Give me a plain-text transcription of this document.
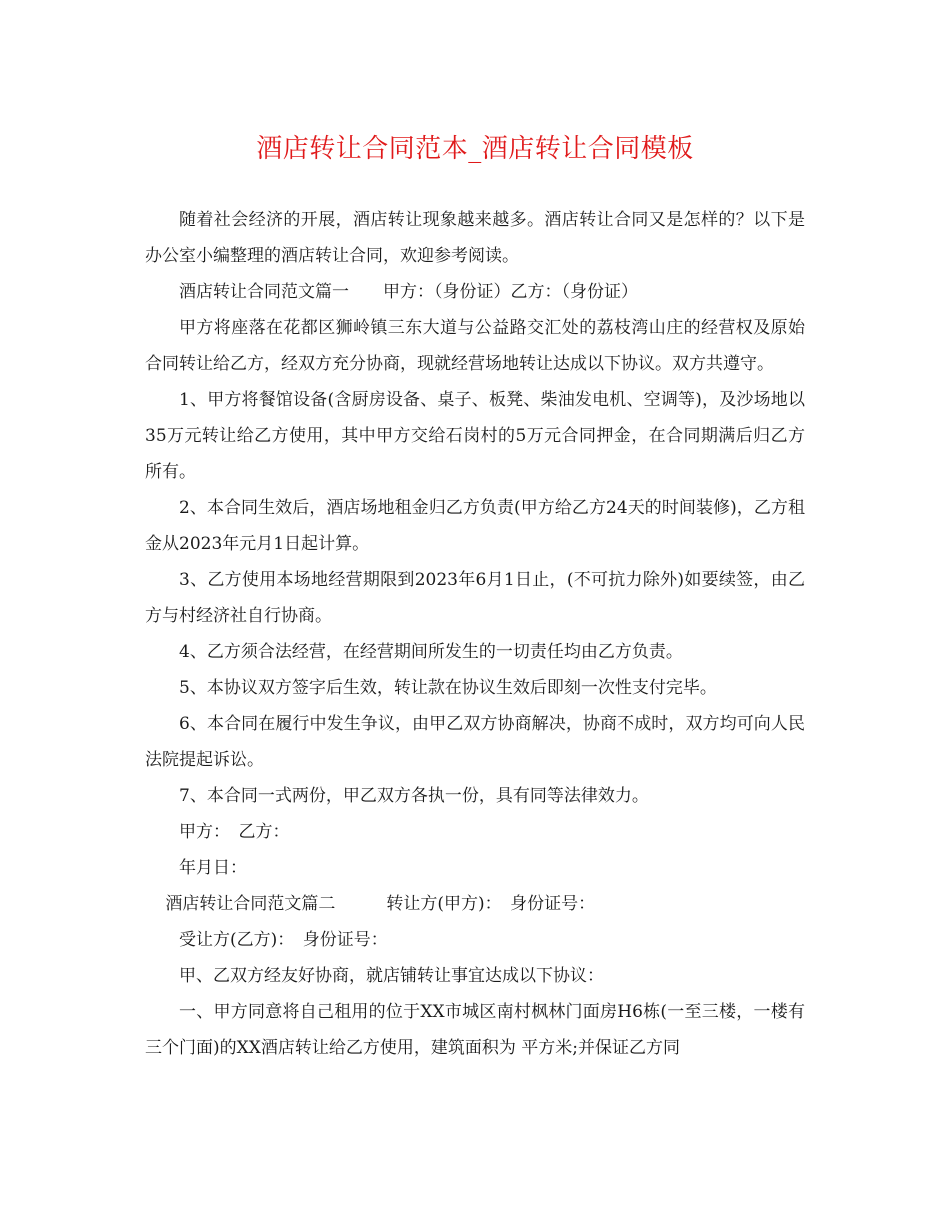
酒店转让合同范本_酒店转让合同模板

随着社会经济的开展，酒店转让现象越来越多。酒店转让合同又是怎样的？以下是办公室小编整理的酒店转让合同，欢迎参考阅读。

酒店转让合同范文篇一　　甲方：（身份证）乙方：（身份证）

甲方将座落在花都区狮岭镇三东大道与公益路交汇处的荔枝湾山庄的经营权及原始合同转让给乙方，经双方充分协商，现就经营场地转让达成以下协议。双方共遵守。

1、甲方将餐馆设备(含厨房设备、桌子、板凳、柴油发电机、空调等)，及沙场地以35万元转让给乙方使用，其中甲方交给石岗村的5万元合同押金，在合同期满后归乙方所有。

2、本合同生效后，酒店场地租金归乙方负责(甲方给乙方24天的时间装修)，乙方租金从2023年元月1日起计算。

3、乙方使用本场地经营期限到2023年6月1日止，(不可抗力除外)如要续签，由乙方与村经济社自行协商。

4、乙方须合法经营，在经营期间所发生的一切责任均由乙方负责。

5、本协议双方签字后生效，转让款在协议生效后即刻一次性支付完毕。

6、本合同在履行中发生争议，由甲乙双方协商解决，协商不成时，双方均可向人民法院提起诉讼。

7、本合同一式两份，甲乙双方各执一份，具有同等法律效力。

甲方：　乙方：

年月日：

酒店转让合同范文篇二　　　转让方(甲方)：　身份证号：

受让方(乙方)：　身份证号：

甲、乙双方经友好协商，就店铺转让事宜达成以下协议：

一、甲方同意将自己租用的位于XX市城区南村枫林门面房H6栋(一至三楼，一楼有三个门面)的XX酒店转让给乙方使用，建筑面积为 平方米;并保证乙方同
